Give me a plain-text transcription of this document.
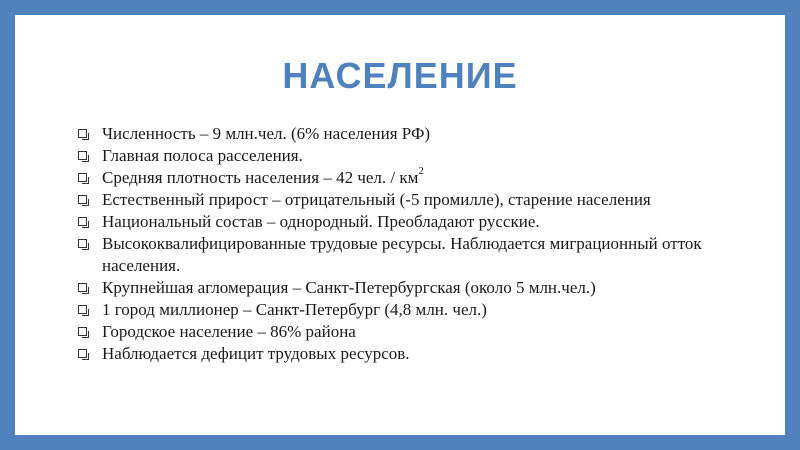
НАСЕЛЕНИЕ
Численность – 9 млн.чел. (6% населения РФ)
Главная полоса расселения.
Средняя плотность населения – 42 чел. / $км^2$
Естественный прирост – отрицательный (-5 промилле), старение населения
Национальный состав – однородный. Преобладают русские.
Высококвалифицированные трудовые ресурсы. Наблюдается миграционный отток населения.
Крупнейшая агломерация – Санкт-Петербургская (около 5 млн.чел.)
1 город миллионер – Санкт-Петербург (4,8 млн. чел.)
Городское население – 86% района
Наблюдается дефицит трудовых ресурсов.
